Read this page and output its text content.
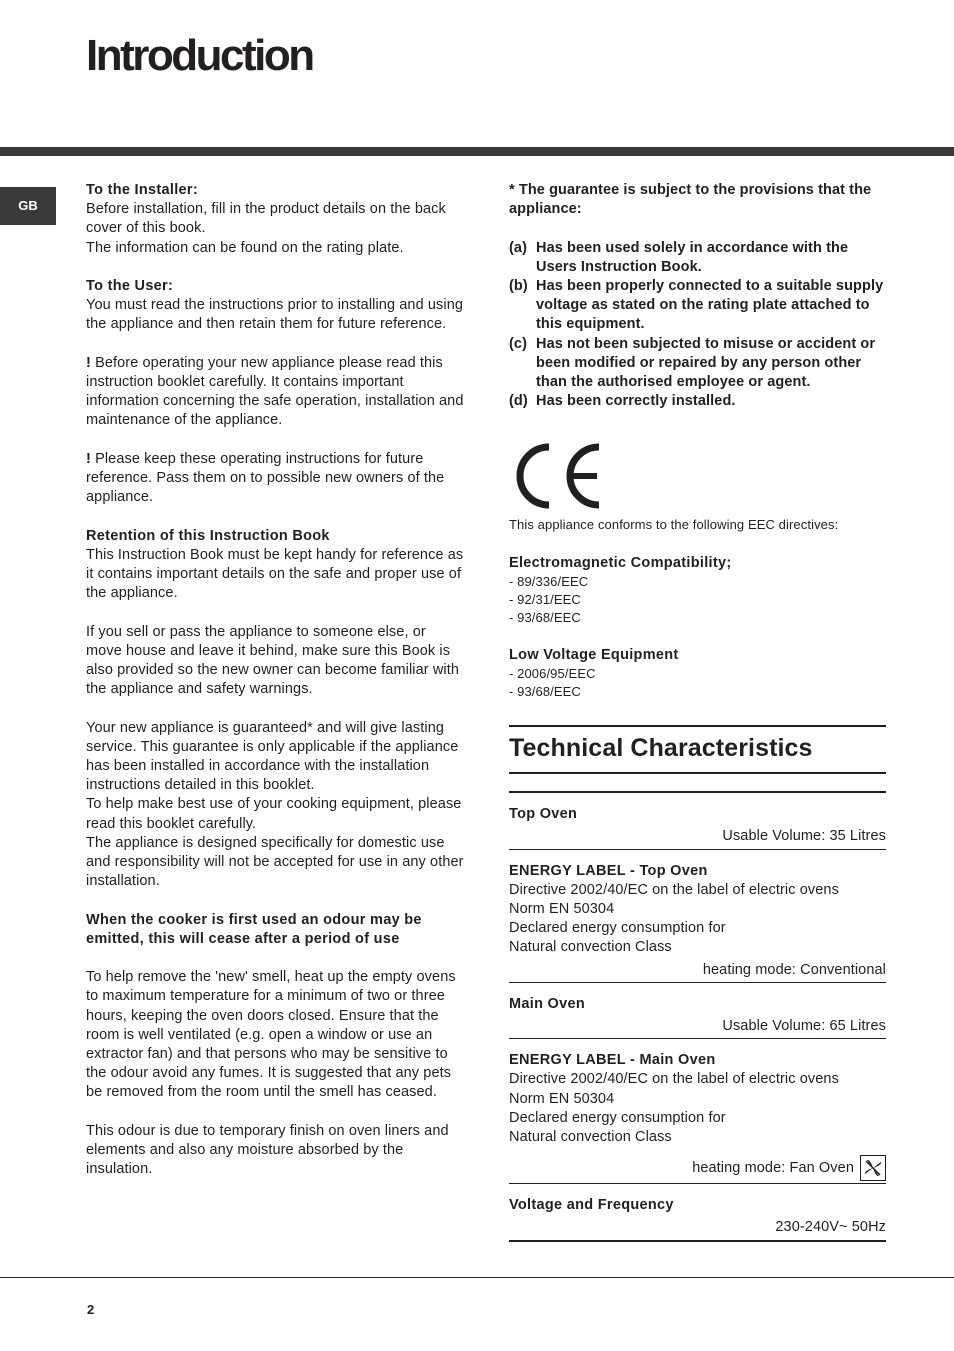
Introduction
GB

To the Installer:

Before installation, fill in the product details on the back cover of this book.

The information can be found on the rating plate.

To the User:

You must read the instructions prior to installing and using the appliance and then retain them for future reference.

! Before operating your new appliance please read this instruction booklet carefully. It contains important information concerning the safe operation, installation and maintenance of the appliance.

! Please keep these operating instructions for future reference. Pass them on to possible new owners of the appliance.

Retention of this Instruction Book

This Instruction Book must be kept handy for reference as it contains important details on the safe and proper use of the appliance.

If you sell or pass the appliance to someone else, or move house and leave it behind, make sure this Book is also provided so the new owner can become familiar with the appliance and safety warnings.

Your new appliance is guaranteed* and will give lasting service. This guarantee is only applicable if the appliance has been installed in accordance with the installation instructions detailed in this booklet.

To help make best use of your cooking equipment, please read this booklet carefully.

The appliance is designed specifically for domestic use and responsibility will not be accepted for use in any other installation.

When the cooker is first used an odour may be emitted, this will cease after a period of use

To help remove the 'new' smell, heat up the empty ovens to maximum temperature for a minimum of two or three hours, keeping the oven doors closed. Ensure that the room is well ventilated (e.g. open a window or use an extractor fan) and that persons who may be sensitive to the odour avoid any fumes. It is suggested that any pets be removed from the room until the smell has ceased.

This odour is due to temporary finish on oven liners and elements and also any moisture absorbed by the insulation.

* The guarantee is subject to the provisions that the appliance:

(a) Has been used solely in accordance with the Users Instruction Book.
(b) Has been properly connected to a suitable supply voltage as stated on the rating plate attached to this equipment.
(c) Has not been subjected to misuse or accident or been modified or repaired by any person other than the authorised employee or agent.
(d) Has been correctly installed.

This appliance conforms to the following EEC directives:

Electromagnetic Compatibility;

- 89/336/EEC

- 92/31/EEC

- 93/68/EEC

Low Voltage Equipment

- 2006/95/EEC

- 93/68/EEC

Technical Characteristics

Top Oven

Usable Volume: 35 Litres

ENERGY LABEL - Top Oven

Directive 2002/40/EC on the label of electric ovens

Norm EN 50304

Declared energy consumption for

Natural convection Class

heating mode: Conventional

Main Oven

Usable Volume: 65 Litres

ENERGY LABEL - Main Oven

Directive 2002/40/EC on the label of electric ovens

Norm EN 50304

Declared energy consumption for

Natural convection Class

heating mode: Fan Oven

Voltage and Frequency

230-240V~ 50Hz

2
